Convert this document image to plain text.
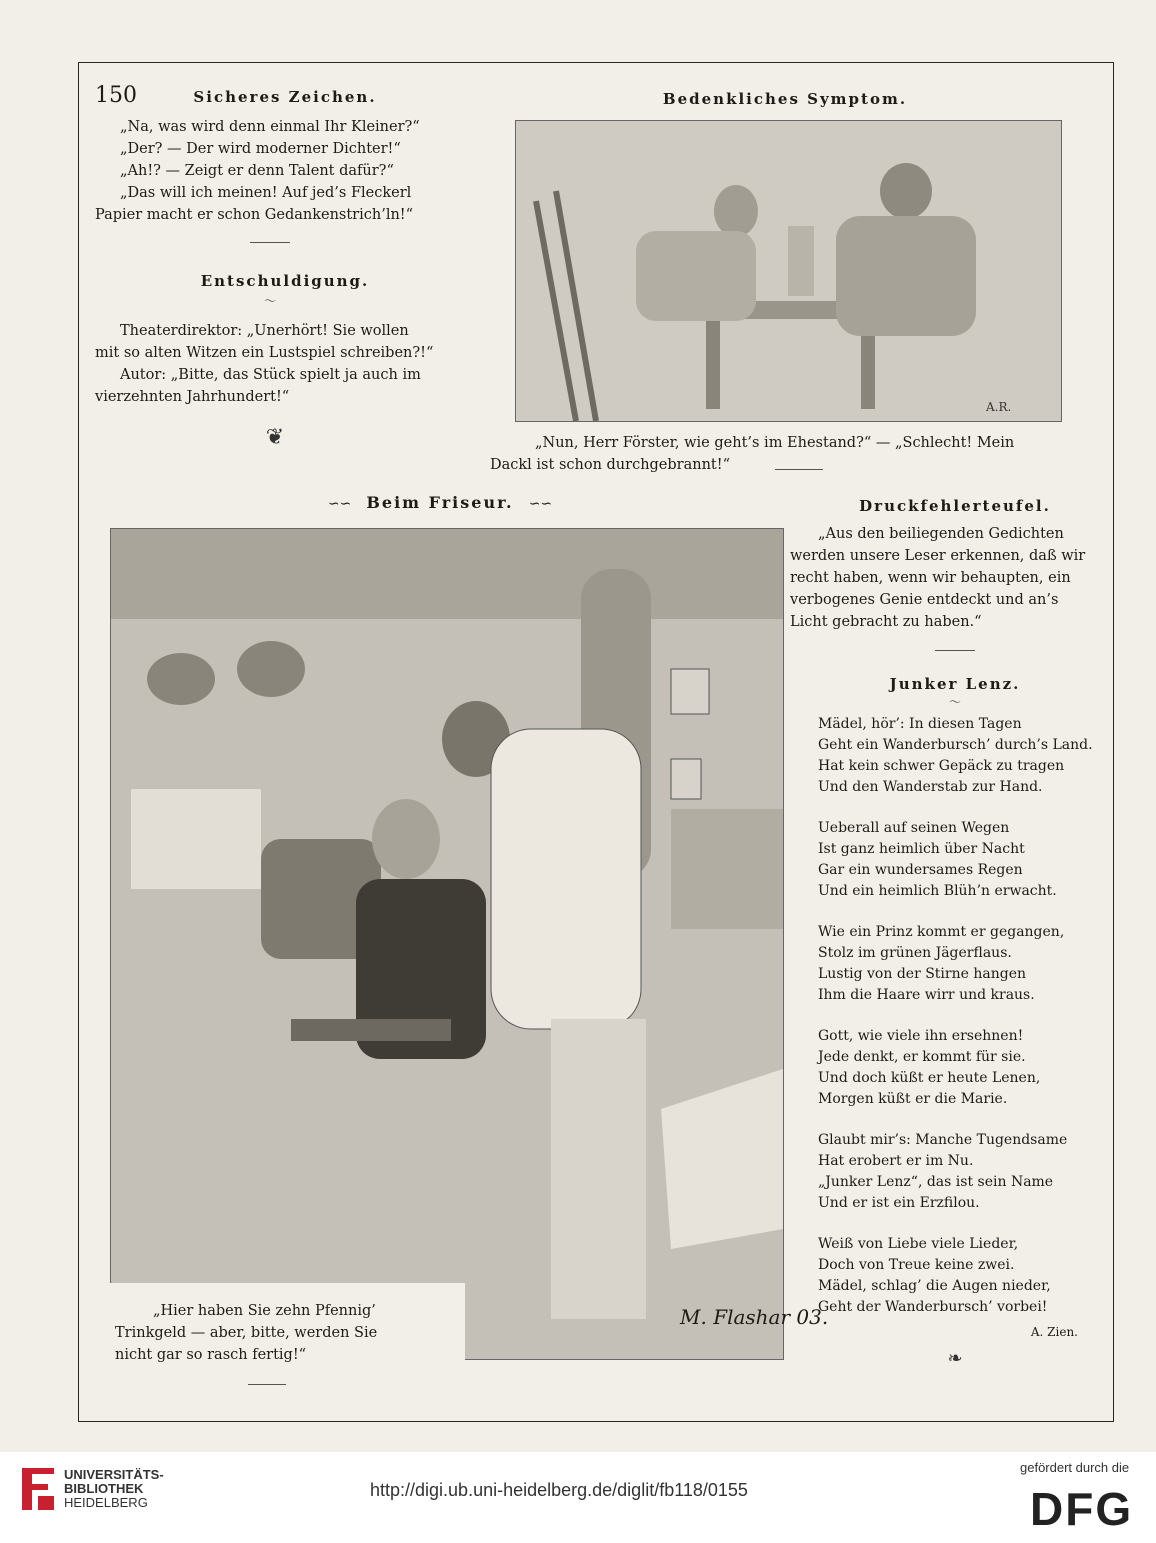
150	Sicheres Zeichen.
„Na, was wird denn einmal Ihr Kleiner?“
„Der? — Der wird moderner Dichter!“
„Ah!? — Zeigt er denn Talent dafür?“
„Das will ich meinen! Auf jed’s Fleckerl
Papier macht er schon Gedankenstrich’ln!“
Entschuldigung.
〜
Theaterdirektor: „Unerhört! Sie wollen
mit so alten Witzen ein Lustspiel schreiben?!“
Autor: „Bitte, das Stück spielt ja auch im
vierzehnten Jahrhundert!“
❦
Bedenkliches Symptom.
A.R.
„Nun, Herr Förster, wie geht’s im Ehestand?“ — „Schlecht! Mein
Dackl ist schon durchgebrannt!“
∽∽ Beim Friseur. ∽∽
„Hier haben Sie zehn Pfennig’
Trinkgeld — aber, bitte, werden Sie
nicht gar so rasch fertig!“
M. Flashar 03.
Druckfehlerteufel.
„Aus den beiliegenden Gedichten
werden unsere Leser erkennen, daß wir
recht haben, wenn wir behaupten, ein
verbogenes Genie entdeckt und an’s
Licht gebracht zu haben.“
Junker Lenz.
〜
Mädel, hör’: In diesen Tagen
Geht ein Wanderbursch’ durch’s Land.
Hat kein schwer Gepäck zu tragen
Und den Wanderstab zur Hand.
Ueberall auf seinen Wegen
Ist ganz heimlich über Nacht
Gar ein wundersames Regen
Und ein heimlich Blüh’n erwacht.
Wie ein Prinz kommt er gegangen,
Stolz im grünen Jägerflaus.
Lustig von der Stirne hangen
Ihm die Haare wirr und kraus.
Gott, wie viele ihn ersehnen!
Jede denkt, er kommt für sie.
Und doch küßt er heute Lenen,
Morgen küßt er die Marie.
Glaubt mir’s: Manche Tugendsame
Hat erobert er im Nu.
„Junker Lenz“, das ist sein Name
Und er ist ein Erzfilou.
Weiß von Liebe viele Lieder,
Doch von Treue keine zwei.
Mädel, schlag’ die Augen nieder,
Geht der Wanderbursch’ vorbei!
A. Zien.
❧
UNIVERSITÄTS-
BIBLIOTHEK
HEIDELBERG
http://digi.ub.uni-heidelberg.de/diglit/fb118/0155
gefördert durch die
DFG
